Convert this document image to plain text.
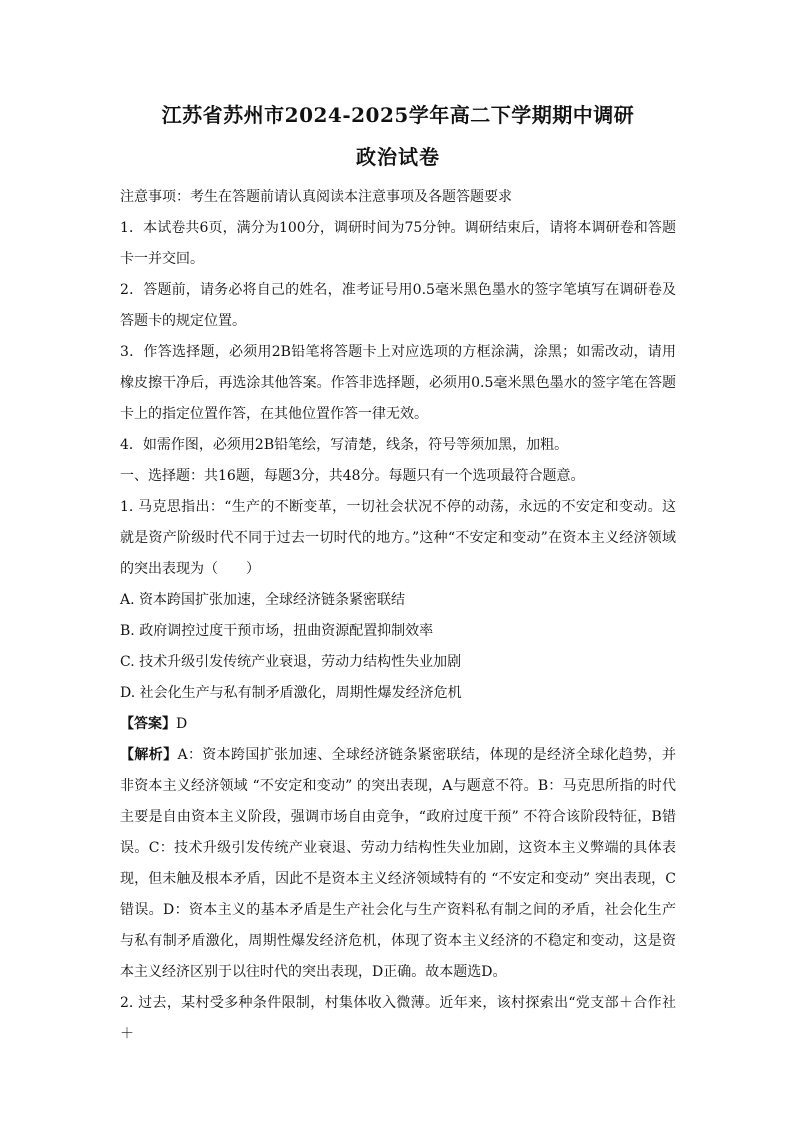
江苏省苏州市2024-2025学年高二下学期期中调研
政治试卷

注意事项：考生在答题前请认真阅读本注意事项及各题答题要求

1．本试卷共6页，满分为100分，调研时间为75分钟。调研结束后，请将本调研卷和答题卡一并交回。

2．答题前，请务必将自己的姓名，准考证号用0.5毫米黑色墨水的签字笔填写在调研卷及答题卡的规定位置。

3．作答选择题，必须用2B铅笔将答题卡上对应选项的方框涂满，涂黑；如需改动，请用橡皮擦干净后，再选涂其他答案。作答非选择题，必须用0.5毫米黑色墨水的签字笔在答题卡上的指定位置作答，在其他位置作答一律无效。

4．如需作图，必须用2B铅笔绘，写清楚，线条，符号等须加黑，加粗。

一、选择题：共16题，每题3分，共48分。每题只有一个选项最符合题意。

1. 马克思指出：“生产的不断变革，一切社会状况不停的动荡，永远的不安定和变动。这就是资产阶级时代不同于过去一切时代的地方。”这种“不安定和变动”在资本主义经济领域的突出表现为（　　）

A. 资本跨国扩张加速，全球经济链条紧密联结

B. 政府调控过度干预市场，扭曲资源配置抑制效率

C. 技术升级引发传统产业衰退，劳动力结构性失业加剧

D. 社会化生产与私有制矛盾激化，周期性爆发经济危机

【答案】D

【解析】A：资本跨国扩张加速、全球经济链条紧密联结，体现的是经济全球化趋势，并非资本主义经济领域 “不安定和变动” 的突出表现，A与题意不符。B：马克思所指的时代主要是自由资本主义阶段，强调市场自由竞争，“政府过度干预” 不符合该阶段特征，B错误。C：技术升级引发传统产业衰退、劳动力结构性失业加剧，这资本主义弊端的具体表现，但未触及根本矛盾，因此不是资本主义经济领域特有的 “不安定和变动” 突出表现，C错误。D：资本主义的基本矛盾是生产社会化与生产资料私有制之间的矛盾，社会化生产与私有制矛盾激化，周期性爆发经济危机，体现了资本主义经济的不稳定和变动，这是资本主义经济区别于以往时代的突出表现，D正确。故本题选D。

2. 过去，某村受多种条件限制，村集体收入微薄。近年来，该村探索出“党支部＋合作社＋
